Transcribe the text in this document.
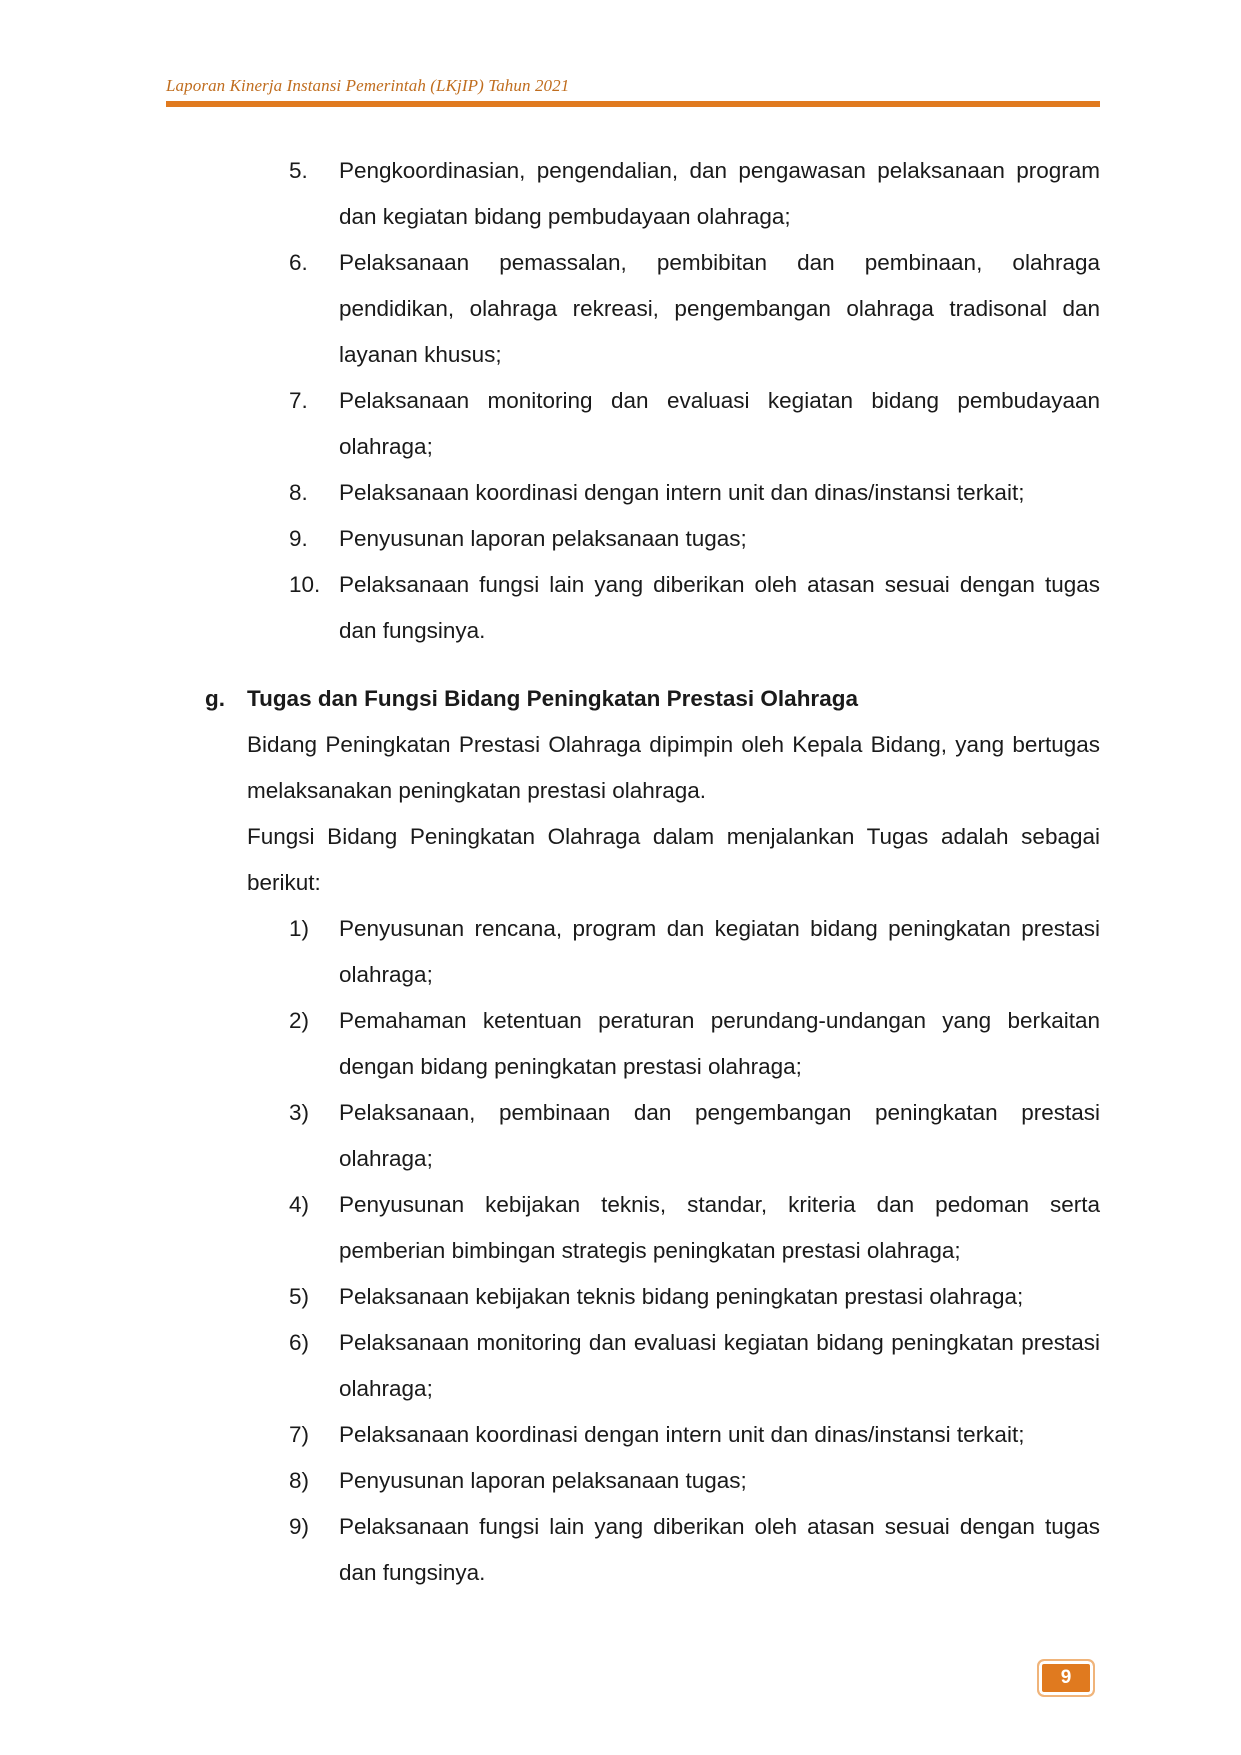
Laporan Kinerja Instansi Pemerintah (LKjIP) Tahun 2021
5.	Pengkoordinasian, pengendalian, dan pengawasan pelaksanaan program dan kegiatan bidang pembudayaan olahraga;
6.	Pelaksanaan pemassalan, pembibitan dan pembinaan, olahraga pendidikan, olahraga rekreasi, pengembangan olahraga tradisonal dan layanan khusus;
7.	Pelaksanaan monitoring dan evaluasi kegiatan bidang pembudayaan olahraga;
8.	Pelaksanaan koordinasi dengan intern unit dan dinas/instansi terkait;
9.	Penyusunan laporan pelaksanaan tugas;
10. Pelaksanaan fungsi lain yang diberikan oleh atasan sesuai dengan tugas dan fungsinya.
g. Tugas dan Fungsi Bidang Peningkatan Prestasi Olahraga
Bidang Peningkatan Prestasi Olahraga dipimpin oleh Kepala Bidang, yang bertugas melaksanakan peningkatan prestasi olahraga.
Fungsi Bidang Peningkatan Olahraga dalam menjalankan Tugas adalah sebagai berikut:
1)	Penyusunan rencana, program dan kegiatan bidang peningkatan prestasi olahraga;
2)	Pemahaman ketentuan peraturan perundang-undangan yang berkaitan dengan bidang peningkatan prestasi olahraga;
3)	Pelaksanaan, pembinaan dan pengembangan peningkatan prestasi olahraga;
4)	Penyusunan kebijakan teknis, standar, kriteria dan pedoman serta pemberian bimbingan strategis peningkatan prestasi olahraga;
5)	Pelaksanaan kebijakan teknis bidang peningkatan prestasi olahraga;
6)	Pelaksanaan monitoring dan evaluasi kegiatan bidang peningkatan prestasi olahraga;
7)	Pelaksanaan koordinasi dengan intern unit dan dinas/instansi terkait;
8)	Penyusunan laporan pelaksanaan tugas;
9)	Pelaksanaan fungsi lain yang diberikan oleh atasan sesuai dengan tugas dan fungsinya.
9
